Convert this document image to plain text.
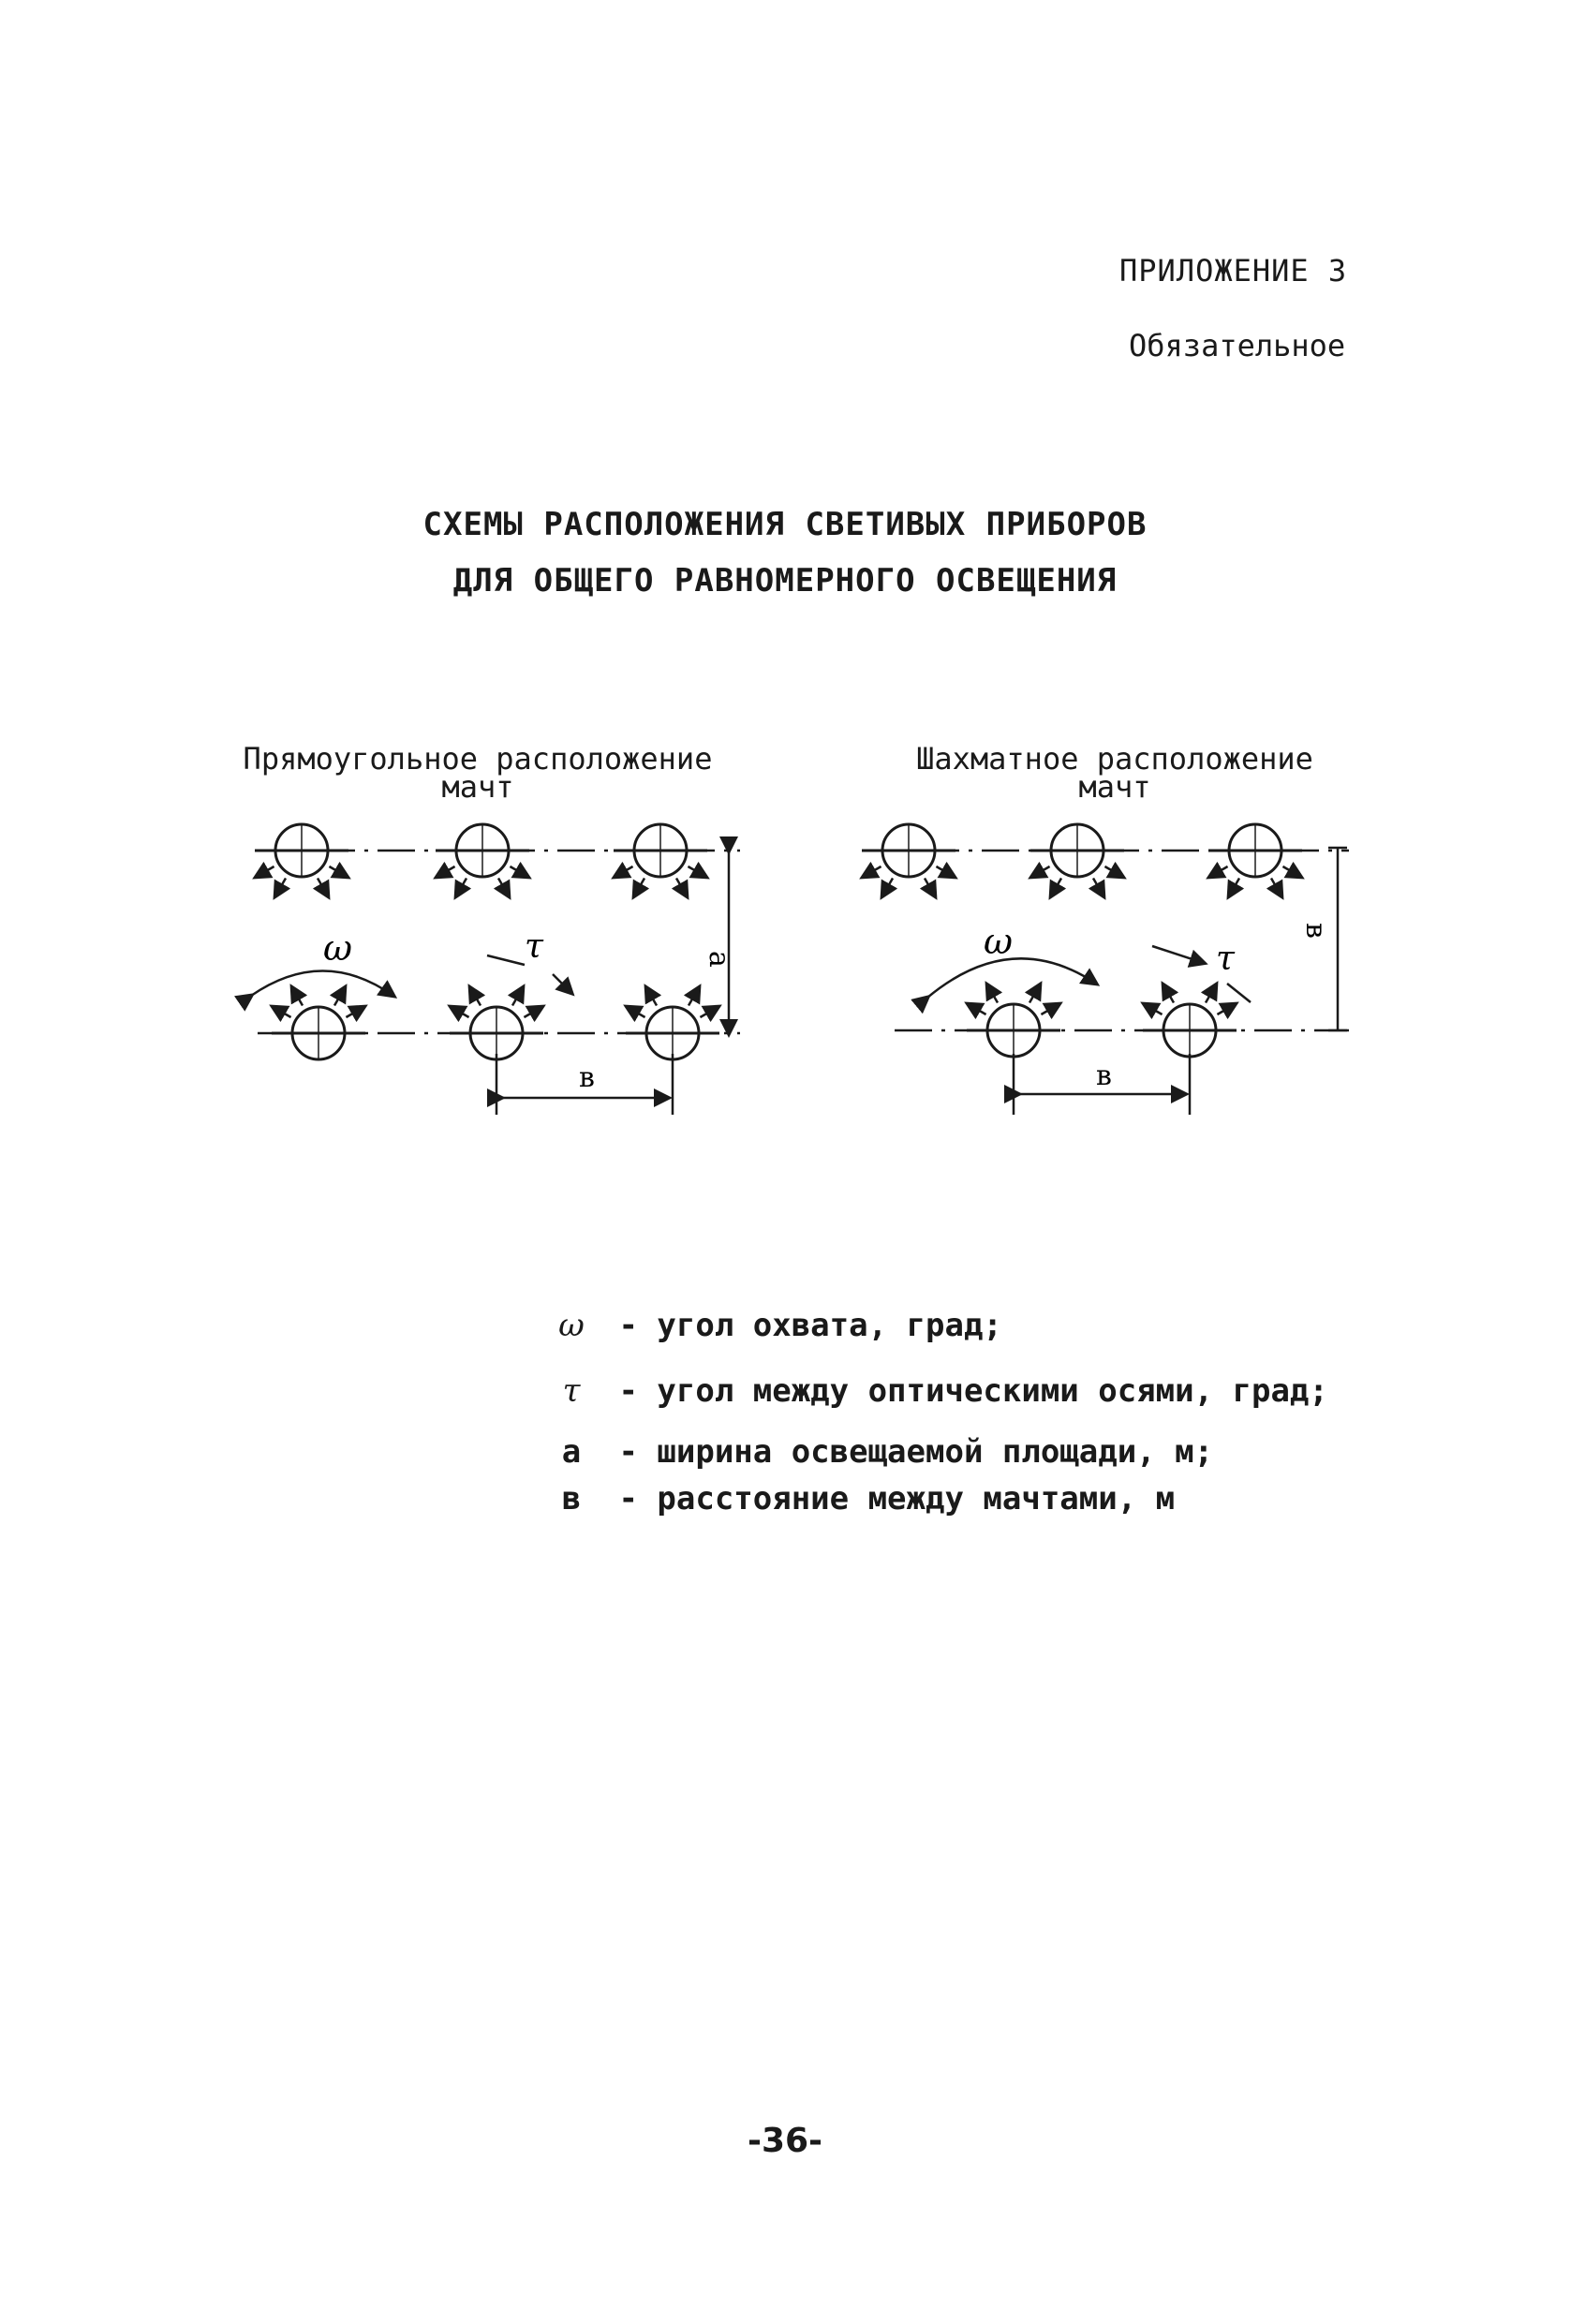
ПРИЛОЖЕНИЕ 3
Обязательное
СХЕМЫ РАСПОЛОЖЕНИЯ СВЕТИВЫХ ПРИБОРОВ
ДЛЯ ОБЩЕГО РАВНОМЕРНОГО ОСВЕЩЕНИЯ
Прямоугольное расположение
мачт
Шахматное расположение
мачт
ω	ω
τ	τ
а
в
в
в
ω - угол охвата, град;
τ - угол между оптическими осями, град;
а - ширина освещаемой площади, м;
в - расстояние между мачтами, м
-36-
